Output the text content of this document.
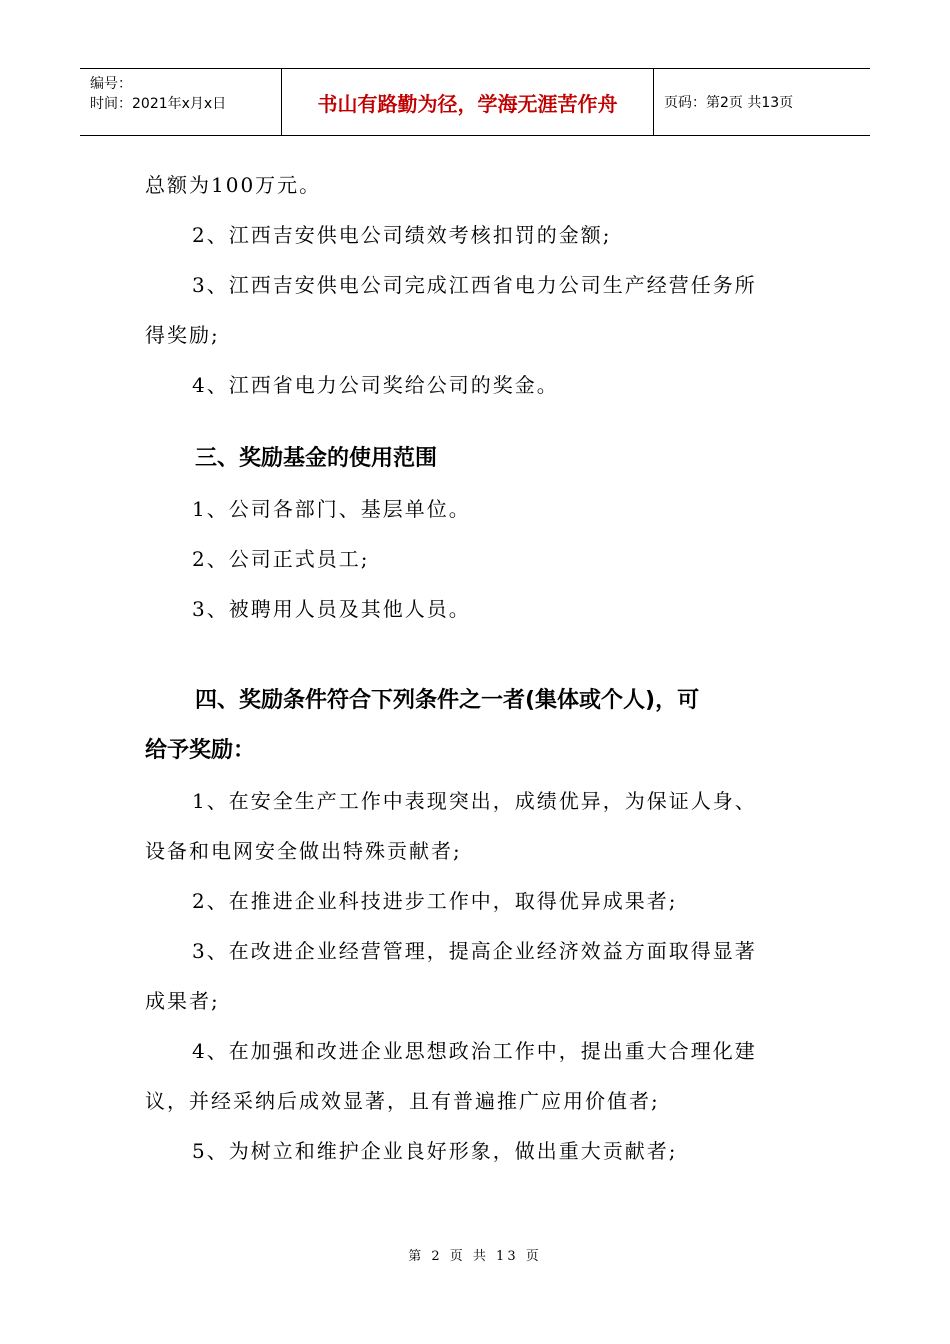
编号：
时间：2021年x月x日	书山有路勤为径，学海无涯苦作舟	页码：第2页 共13页
总额为100万元。
2、江西吉安供电公司绩效考核扣罚的金额;
3、江西吉安供电公司完成江西省电力公司生产经营任务所
得奖励;
4、江西省电力公司奖给公司的奖金。
三、奖励基金的使用范围
1、公司各部门、基层单位。
2、公司正式员工;
3、被聘用人员及其他人员。
四、奖励条件符合下列条件之一者(集体或个人)，可
给予奖励：
1、在安全生产工作中表现突出，成绩优异，为保证人身、
设备和电网安全做出特殊贡献者;
2、在推进企业科技进步工作中，取得优异成果者;
3、在改进企业经营管理，提高企业经济效益方面取得显著
成果者;
4、在加强和改进企业思想政治工作中，提出重大合理化建
议，并经采纳后成效显著，且有普遍推广应用价值者;
5、为树立和维护企业良好形象，做出重大贡献者;
第 2 页 共 13 页
